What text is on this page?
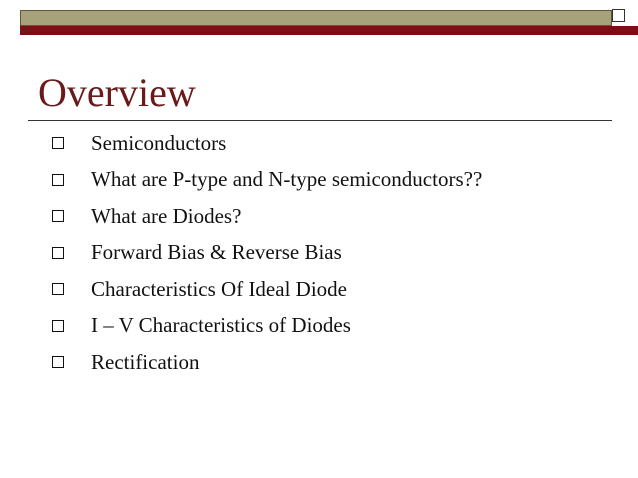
Overview
Semiconductors
What are P-type and N-type semiconductors??
What are Diodes?
Forward Bias & Reverse Bias
Characteristics Of Ideal Diode
I – V Characteristics of Diodes
Rectification
